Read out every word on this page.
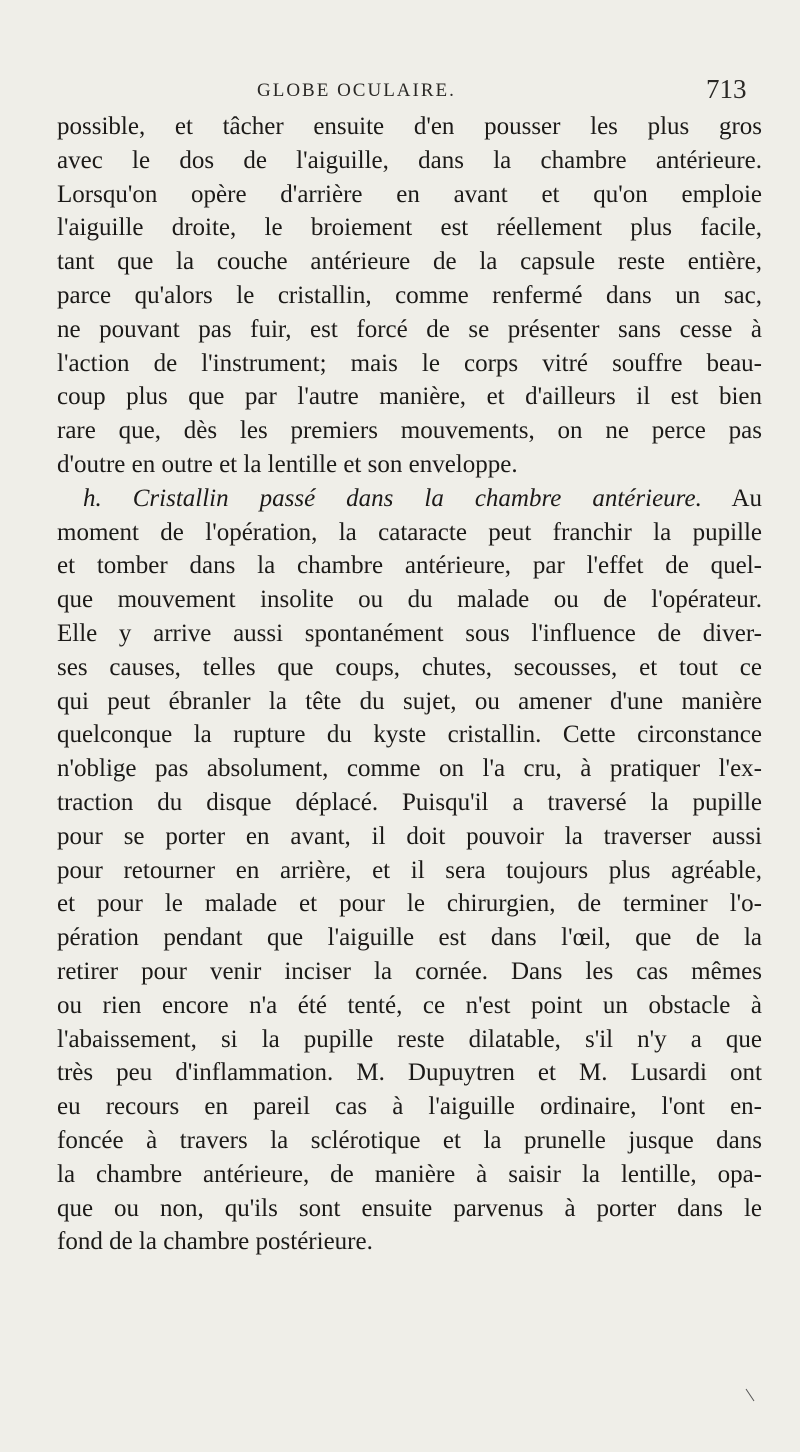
GLOBE OCULAIRE.	713
possible, et tâcher ensuite d'en pousser les plus gros
avec le dos de l'aiguille, dans la chambre antérieure.
Lorsqu'on opère d'arrière en avant et qu'on emploie
l'aiguille droite, le broiement est réellement plus facile,
tant que la couche antérieure de la capsule reste entière,
parce qu'alors le cristallin, comme renfermé dans un sac,
ne pouvant pas fuir, est forcé de se présenter sans cesse à
l'action de l'instrument; mais le corps vitré souffre beau-
coup plus que par l'autre manière, et d'ailleurs il est bien
rare que, dès les premiers mouvements, on ne perce pas
d'outre en outre et la lentille et son enveloppe.
h. Cristallin passé dans la chambre antérieure. Au
moment de l'opération, la cataracte peut franchir la pupille
et tomber dans la chambre antérieure, par l'effet de quel-
que mouvement insolite ou du malade ou de l'opérateur.
Elle y arrive aussi spontanément sous l'influence de diver-
ses causes, telles que coups, chutes, secousses, et tout ce
qui peut ébranler la tête du sujet, ou amener d'une manière
quelconque la rupture du kyste cristallin. Cette circonstance
n'oblige pas absolument, comme on l'a cru, à pratiquer l'ex-
traction du disque déplacé. Puisqu'il a traversé la pupille
pour se porter en avant, il doit pouvoir la traverser aussi
pour retourner en arrière, et il sera toujours plus agréable,
et pour le malade et pour le chirurgien, de terminer l'o-
pération pendant que l'aiguille est dans l'œil, que de la
retirer pour venir inciser la cornée. Dans les cas mêmes
ou rien encore n'a été tenté, ce n'est point un obstacle à
l'abaissement, si la pupille reste dilatable, s'il n'y a que
très peu d'inflammation. M. Dupuytren et M. Lusardi ont
eu recours en pareil cas à l'aiguille ordinaire, l'ont en-
foncée à travers la sclérotique et la prunelle jusque dans
la chambre antérieure, de manière à saisir la lentille, opa-
que ou non, qu'ils sont ensuite parvenus à porter dans le
fond de la chambre postérieure.
